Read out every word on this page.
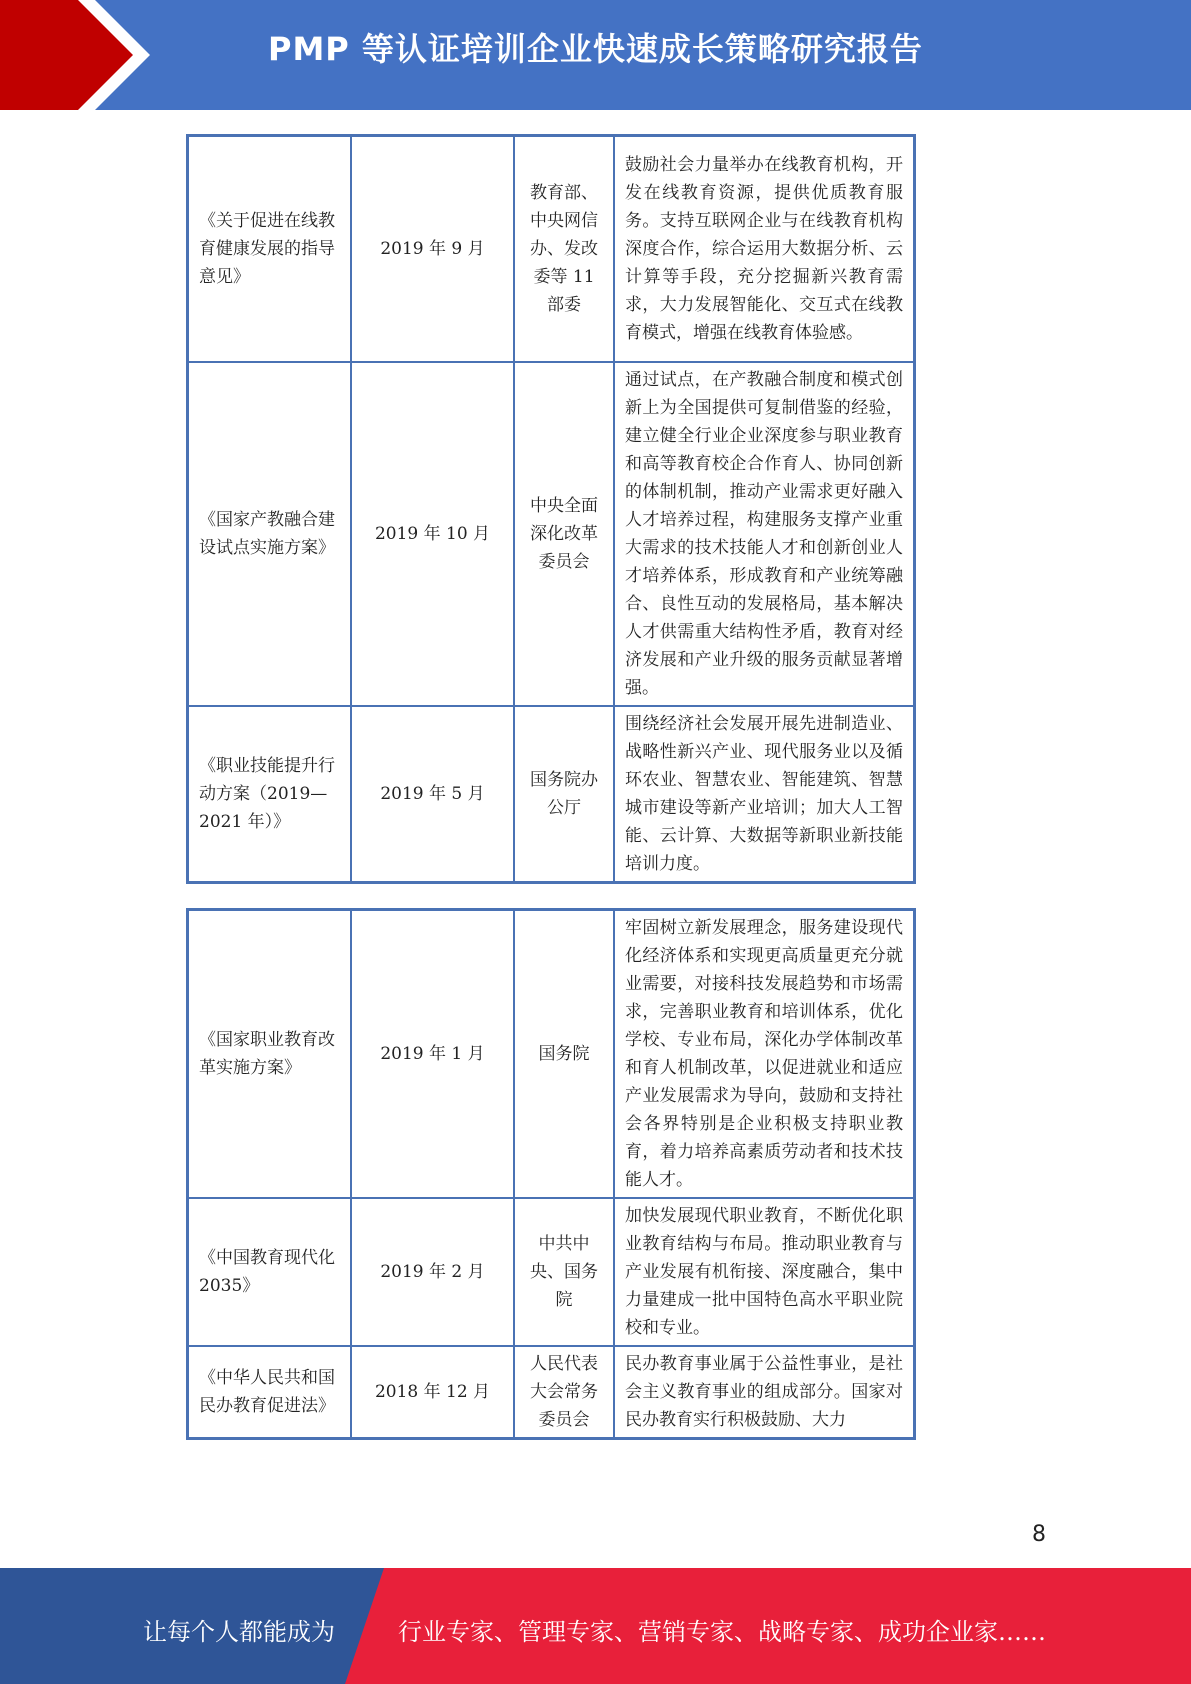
PMP 等认证培训企业快速成长策略研究报告
《关于促进在线教育健康发展的指导意见》	2019 年 9 月	教育部、中央网信办、发改委等 11 部委	鼓励社会力量举办在线教育机构，开发在线教育资源，提供优质教育服务。支持互联网企业与在线教育机构深度合作，综合运用大数据分析、云计算等手段，充分挖掘新兴教育需求，大力发展智能化、交互式在线教育模式，增强在线教育体验感。
《国家产教融合建设试点实施方案》	2019 年 10 月	中央全面深化改革委员会	通过试点，在产教融合制度和模式创新上为全国提供可复制借鉴的经验，建立健全行业企业深度参与职业教育和高等教育校企合作育人、协同创新的体制机制，推动产业需求更好融入人才培养过程，构建服务支撑产业重大需求的技术技能人才和创新创业人才培养体系，形成教育和产业统筹融合、良性互动的发展格局，基本解决人才供需重大结构性矛盾，教育对经济发展和产业升级的服务贡献显著增强。
《职业技能提升行动方案（2019—2021 年）》	2019 年 5 月	国务院办公厅	围绕经济社会发展开展先进制造业、战略性新兴产业、现代服务业以及循环农业、智慧农业、智能建筑、智慧城市建设等新产业培训；加大人工智能、云计算、大数据等新职业新技能培训力度。
《国家职业教育改革实施方案》	2019 年 1 月	国务院	牢固树立新发展理念，服务建设现代化经济体系和实现更高质量更充分就业需要，对接科技发展趋势和市场需求，完善职业教育和培训体系，优化学校、专业布局，深化办学体制改革和育人机制改革，以促进就业和适应产业发展需求为导向，鼓励和支持社会各界特别是企业积极支持职业教育，着力培养高素质劳动者和技术技能人才。
《中国教育现代化 2035》	2019 年 2 月	中共中央、国务院	加快发展现代职业教育，不断优化职业教育结构与布局。推动职业教育与产业发展有机衔接、深度融合，集中力量建成一批中国特色高水平职业院校和专业。
《中华人民共和国民办教育促进法》	2018 年 12 月	人民代表大会常务委员会	民办教育事业属于公益性事业，是社会主义教育事业的组成部分。国家对民办教育实行积极鼓励、大力
8
让每个人都能成为	行业专家、管理专家、营销专家、战略专家、成功企业家……
